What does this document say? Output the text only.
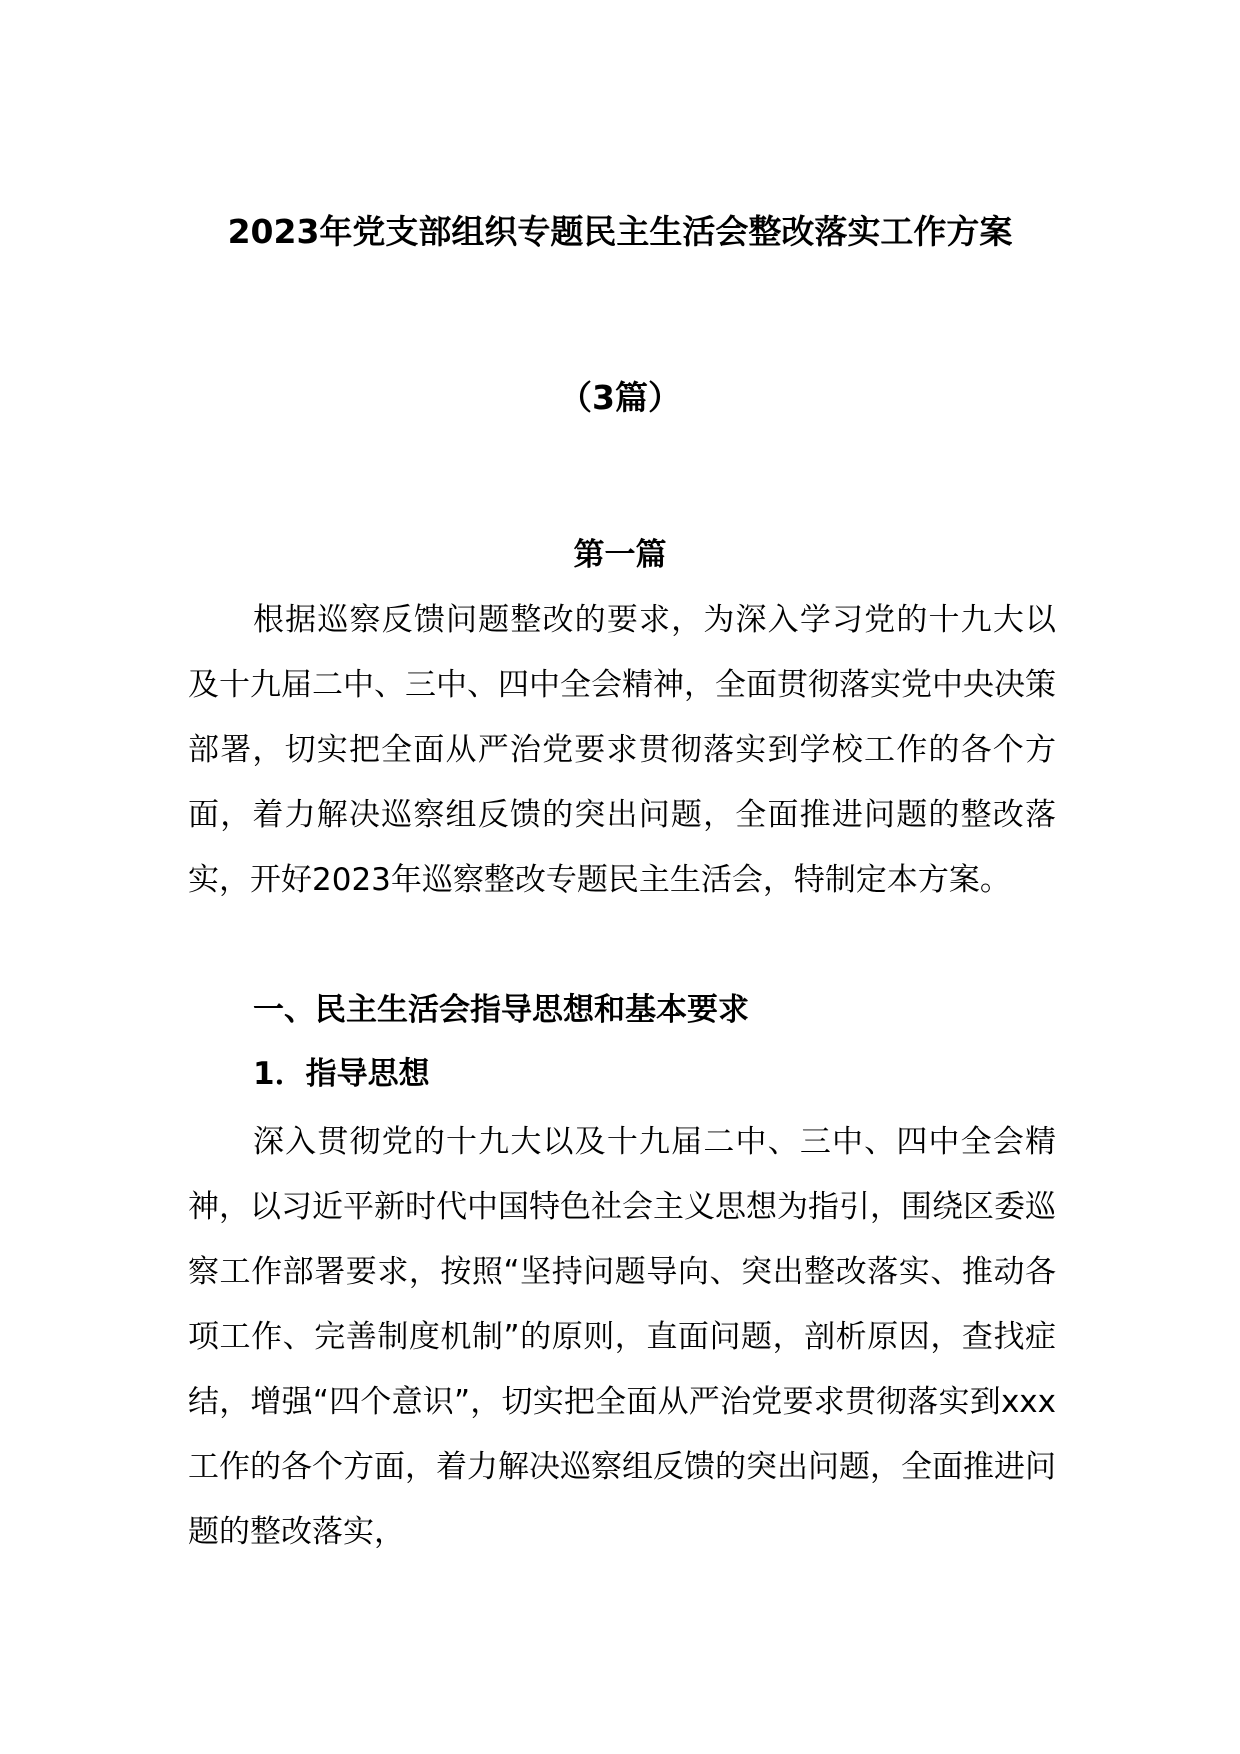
2023年党支部组织专题民主生活会整改落实工作方案
（3篇）
第一篇

根据巡察反馈问题整改的要求，为深入学习党的十九大以及十九届二中、三中、四中全会精神，全面贯彻落实党中央决策部署，切实把全面从严治党要求贯彻落实到学校工作的各个方面，着力解决巡察组反馈的突出问题，全面推进问题的整改落实，开好2023年巡察整改专题民主生活会，特制定本方案。

一、民主生活会指导思想和基本要求
1．指导思想

深入贯彻党的十九大以及十九届二中、三中、四中全会精神，以习近平新时代中国特色社会主义思想为指引，围绕区委巡察工作部署要求，按照“坚持问题导向、突出整改落实、推动各项工作、完善制度机制”的原则，直面问题，剖析原因，查找症结，增强“四个意识”，切实把全面从严治党要求贯彻落实到xxx工作的各个方面，着力解决巡察组反馈的突出问题，全面推进问题的整改落实，
